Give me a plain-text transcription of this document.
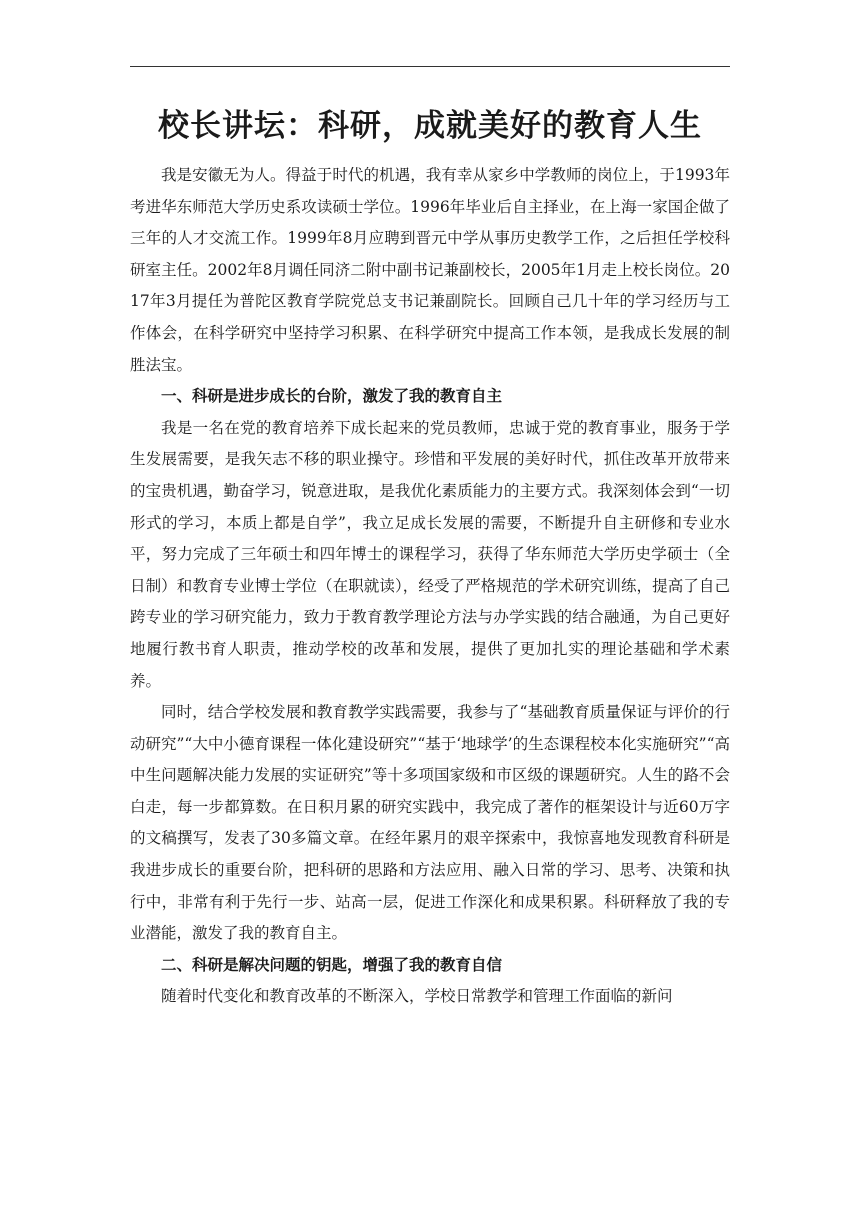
校长讲坛：科研，成就美好的教育人生

我是安徽无为人。得益于时代的机遇，我有幸从家乡中学教师的岗位上，于1993年考进华东师范大学历史系攻读硕士学位。1996年毕业后自主择业，在上海一家国企做了三年的人才交流工作。1999年8月应聘到晋元中学从事历史教学工作，之后担任学校科研室主任。2002年8月调任同济二附中副书记兼副校长，2005年1月走上校长岗位。2017年3月提任为普陀区教育学院党总支书记兼副院长。回顾自己几十年的学习经历与工作体会，在科学研究中坚持学习积累、在科学研究中提高工作本领，是我成长发展的制胜法宝。

一、科研是进步成长的台阶，激发了我的教育自主

我是一名在党的教育培养下成长起来的党员教师，忠诚于党的教育事业，服务于学生发展需要，是我矢志不移的职业操守。珍惜和平发展的美好时代，抓住改革开放带来的宝贵机遇，勤奋学习，锐意进取，是我优化素质能力的主要方式。我深刻体会到“一切形式的学习，本质上都是自学”，我立足成长发展的需要，不断提升自主研修和专业水平，努力完成了三年硕士和四年博士的课程学习，获得了华东师范大学历史学硕士（全日制）和教育专业博士学位（在职就读），经受了严格规范的学术研究训练，提高了自己跨专业的学习研究能力，致力于教育教学理论方法与办学实践的结合融通，为自己更好地履行教书育人职责，推动学校的改革和发展，提供了更加扎实的理论基础和学术素养。

同时，结合学校发展和教育教学实践需要，我参与了“基础教育质量保证与评价的行动研究”“大中小德育课程一体化建设研究”“基于‘地球学’的生态课程校本化实施研究”“高中生问题解决能力发展的实证研究”等十多项国家级和市区级的课题研究。人生的路不会白走，每一步都算数。在日积月累的研究实践中，我完成了著作的框架设计与近60万字的文稿撰写，发表了30多篇文章。在经年累月的艰辛探索中，我惊喜地发现教育科研是我进步成长的重要台阶，把科研的思路和方法应用、融入日常的学习、思考、决策和执行中，非常有利于先行一步、站高一层，促进工作深化和成果积累。科研释放了我的专业潜能，激发了我的教育自主。

二、科研是解决问题的钥匙，增强了我的教育自信

随着时代变化和教育改革的不断深入，学校日常教学和管理工作面临的新问
